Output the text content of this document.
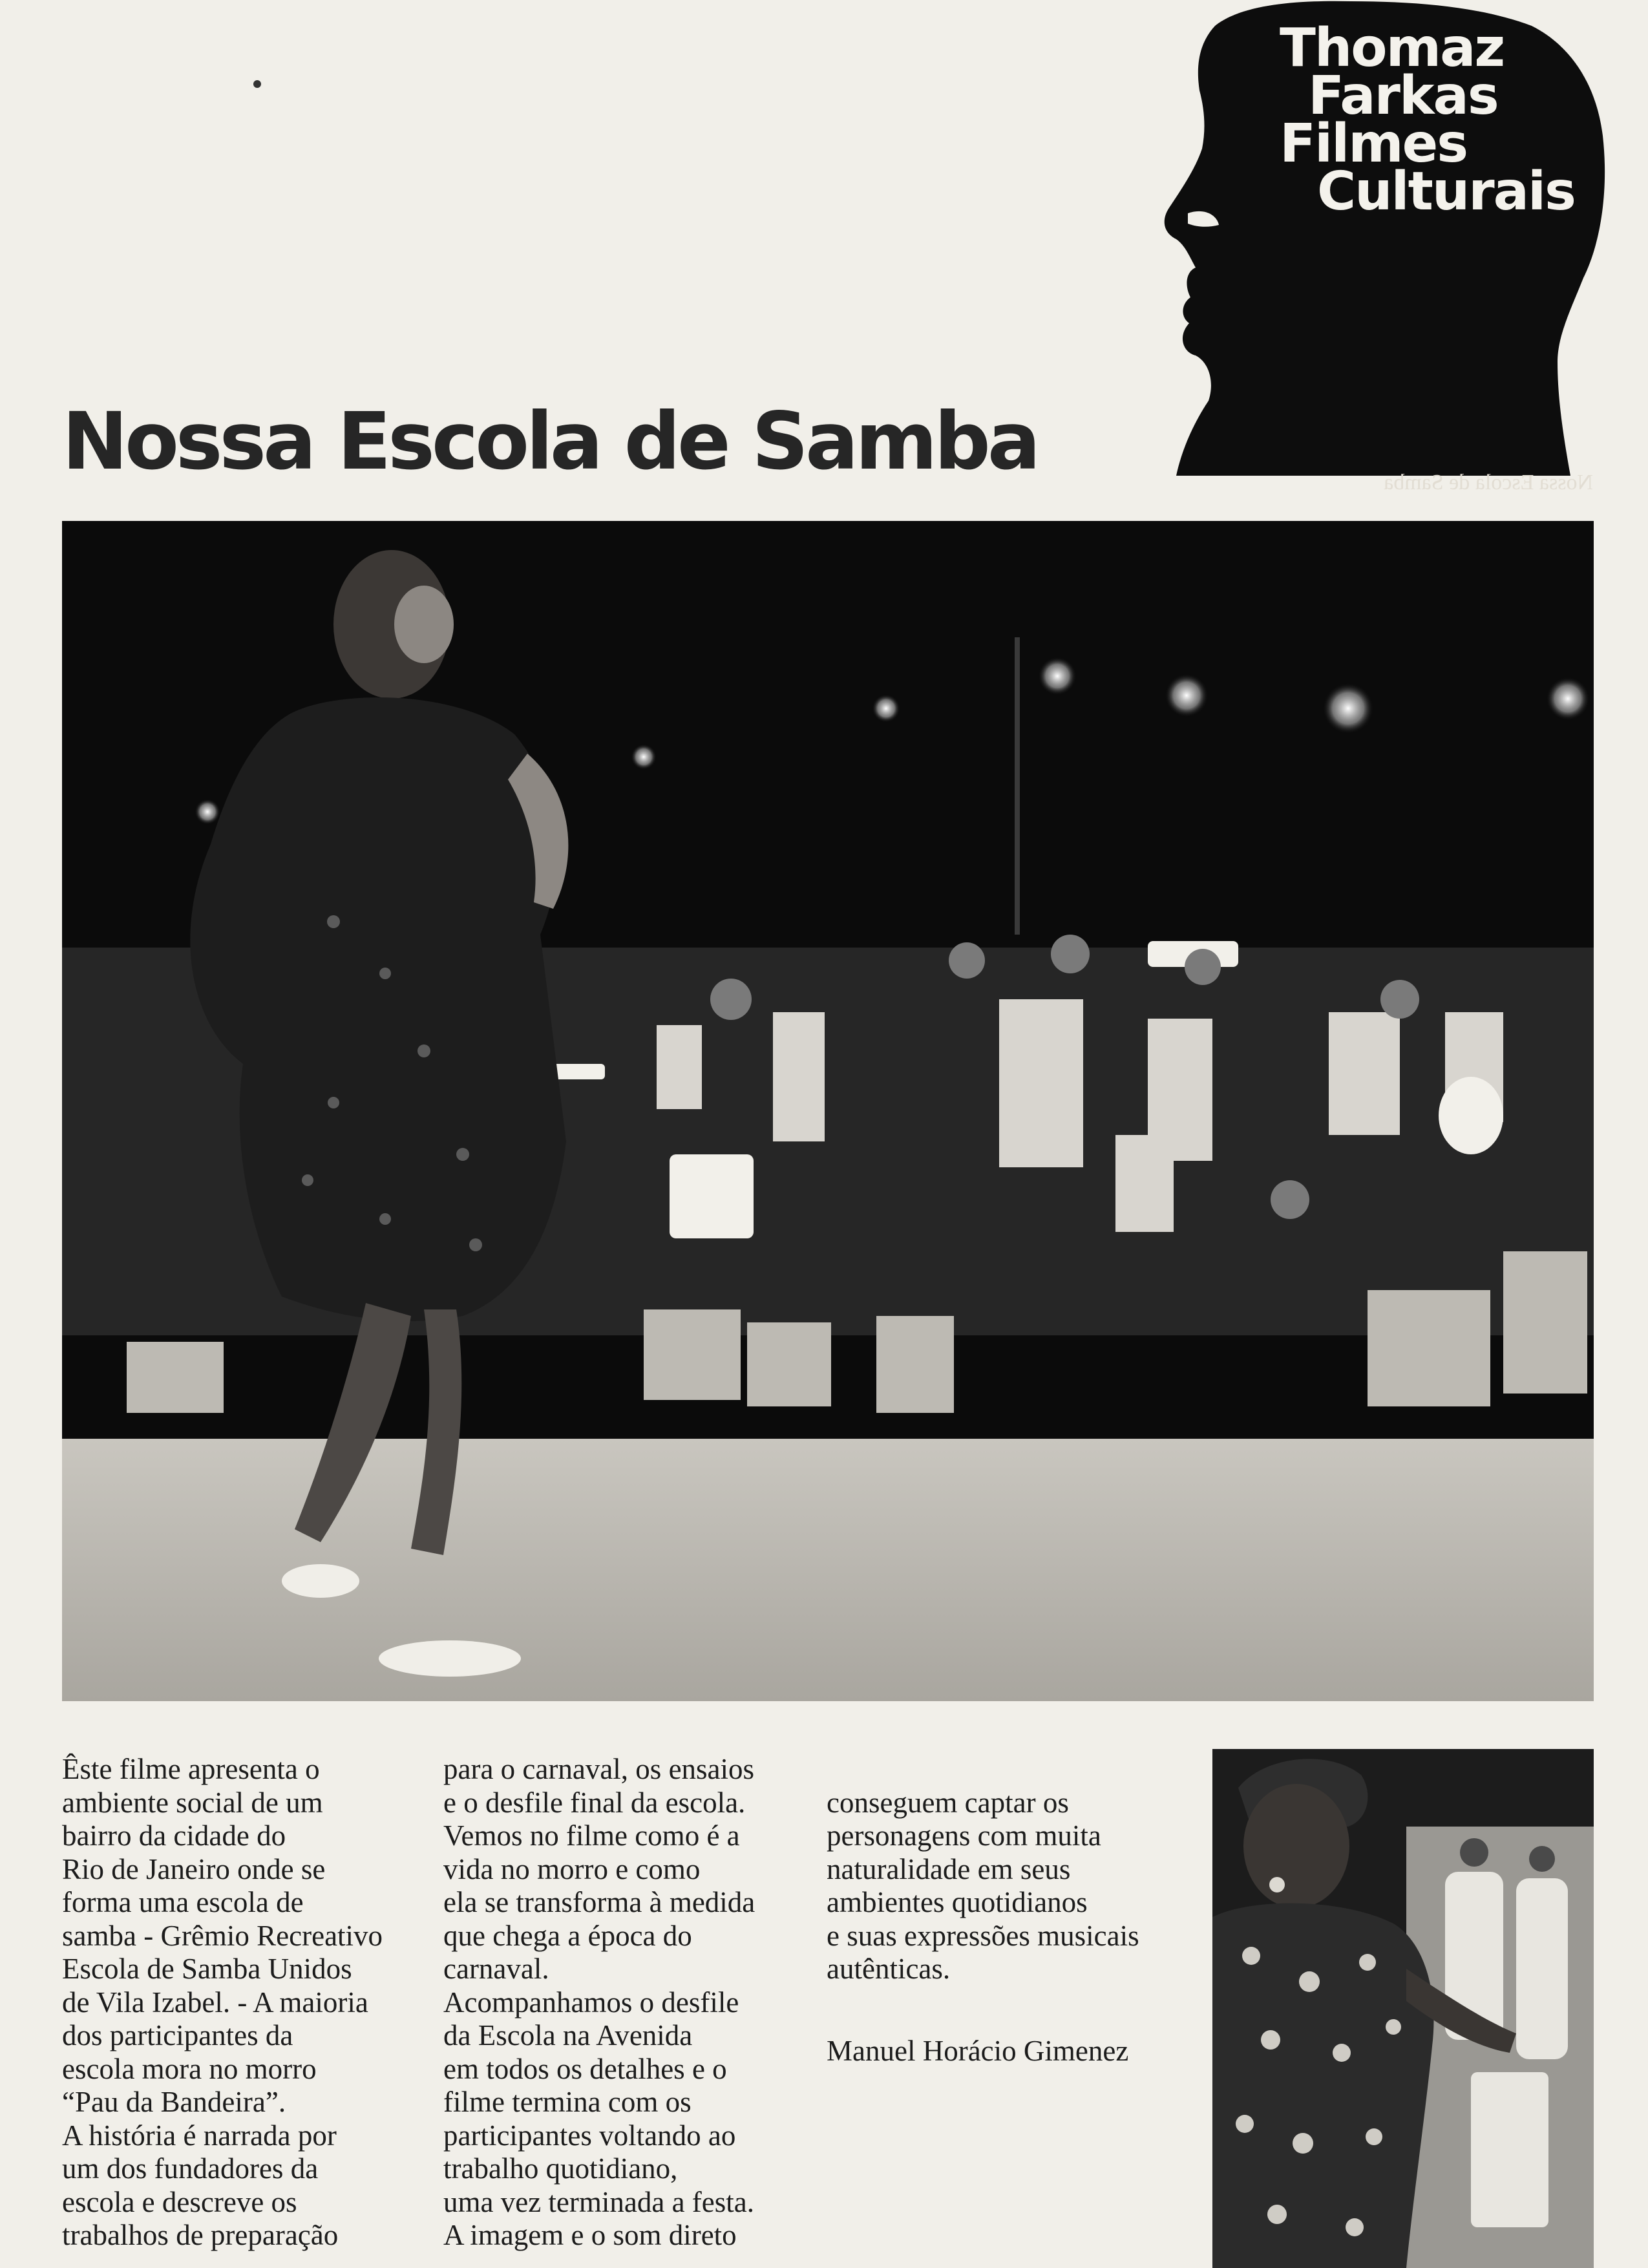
Thomaz
Farkas
Filmes
Culturais
Nossa Escola de Samba
Nossa Escola de Samba
Êste filme apresenta o
ambiente social de um
bairro da cidade do
Rio de Janeiro onde se
forma uma escola de
samba - Grêmio Recreativo
Escola de Samba Unidos
de Vila Izabel. - A maioria
dos participantes da
escola mora no morro
“Pau da Bandeira”.
A história é narrada por
um dos fundadores da
escola e descreve os
trabalhos de preparação
para o carnaval, os ensaios
e o desfile final da escola.
Vemos no filme como é a
vida no morro e como
ela se transforma à medida
que chega a época do
carnaval.
Acompanhamos o desfile
da Escola na Avenida
em todos os detalhes e o
filme termina com os
participantes voltando ao
trabalho quotidiano,
uma vez terminada a festa.
A imagem e o som direto

conseguem captar os
personagens com muita
naturalidade em seus
ambientes quotidianos
e suas expressões musicais
autênticas.

Manuel Horácio Gimenez
